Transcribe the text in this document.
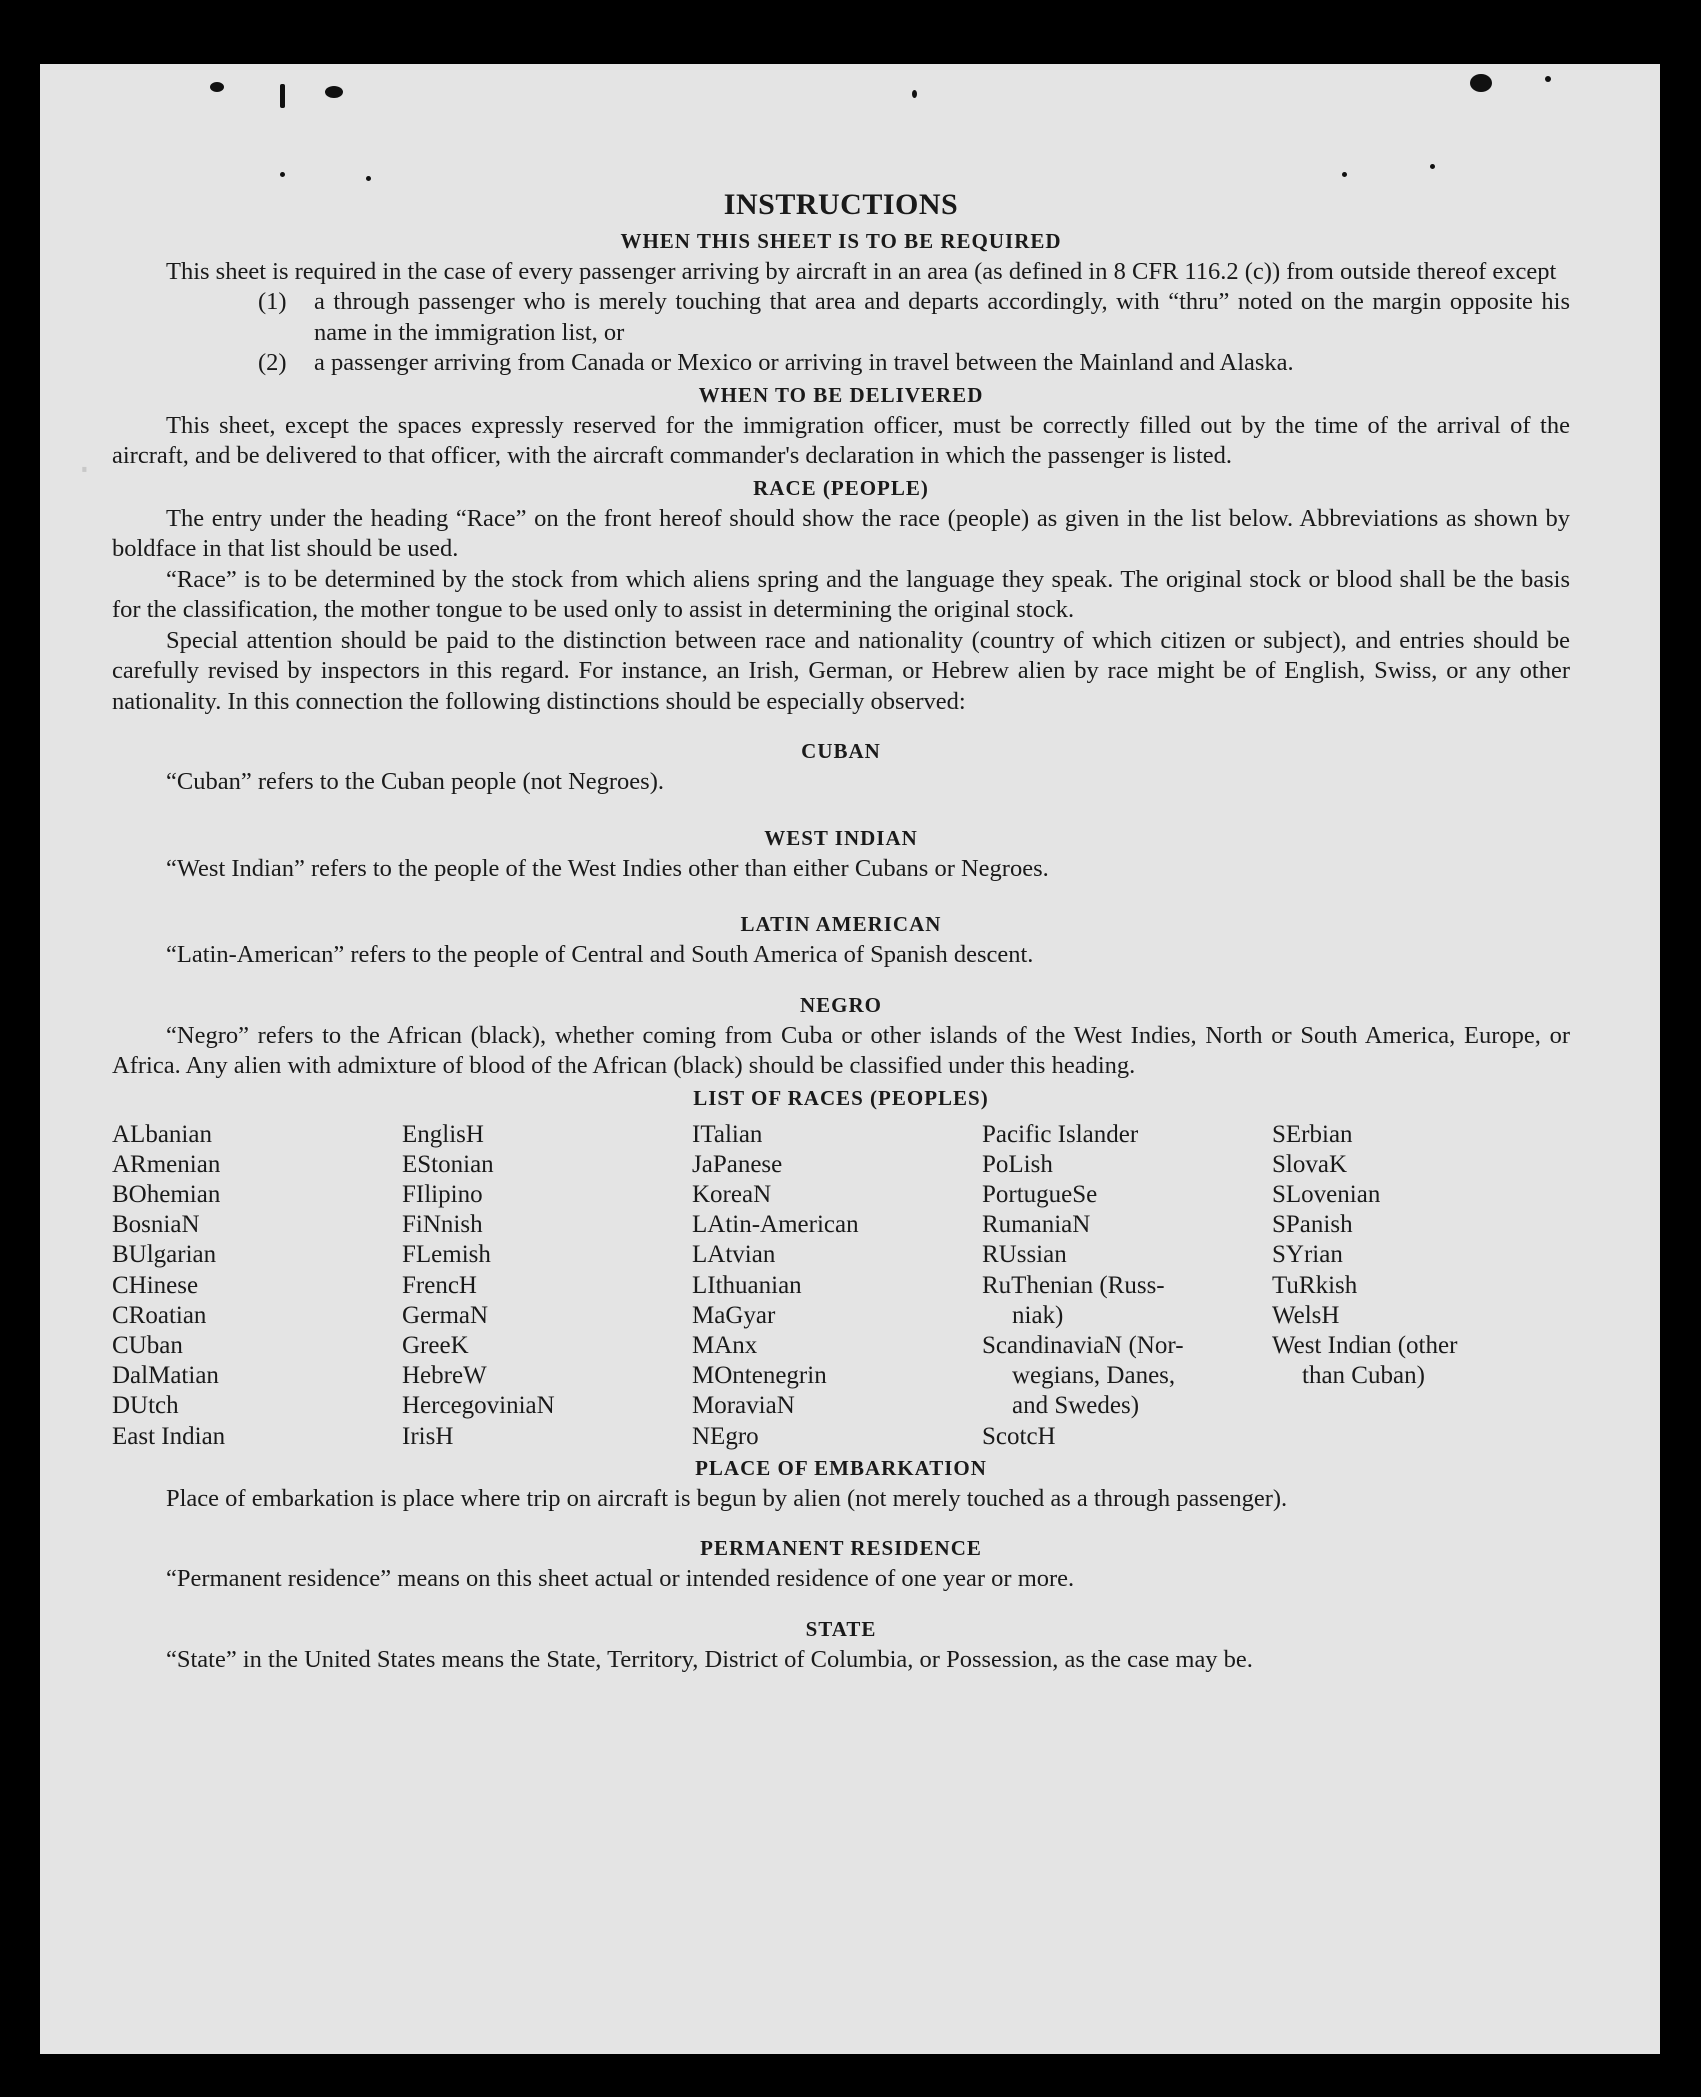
‧
INSTRUCTIONS
WHEN THIS SHEET IS TO BE REQUIRED

This sheet is required in the case of every passenger arriving by aircraft in an area (as defined in 8 CFR 116.2 (c)) from outside thereof except

(1) a through passenger who is merely touching that area and departs accordingly, with “thru” noted on the margin opposite his name in the immigration list, or
(2) a passenger arriving from Canada or Mexico or arriving in travel between the Mainland and Alaska.
WHEN TO BE DELIVERED

This sheet, except the spaces expressly reserved for the immigration officer, must be correctly filled out by the time of the arrival of the aircraft, and be delivered to that officer, with the aircraft commander's declaration in which the passenger is listed.

RACE (PEOPLE)

The entry under the heading “Race” on the front hereof should show the race (people) as given in the list below. Abbreviations as shown by boldface in that list should be used.

“Race” is to be determined by the stock from which aliens spring and the language they speak. The original stock or blood shall be the basis for the classification, the mother tongue to be used only to assist in determining the original stock.

Special attention should be paid to the distinction between race and nationality (country of which citizen or subject), and entries should be carefully revised by inspectors in this regard. For instance, an Irish, German, or Hebrew alien by race might be of English, Swiss, or any other nationality. In this connection the following distinctions should be especially observed:

CUBAN

“Cuban” refers to the Cuban people (not Negroes).

WEST INDIAN

“West Indian” refers to the people of the West Indies other than either Cubans or Negroes.

LATIN AMERICAN

“Latin-American” refers to the people of Central and South America of Spanish descent.

NEGRO

“Negro” refers to the African (black), whether coming from Cuba or other islands of the West Indies, North or South America, Europe, or Africa. Any alien with admixture of blood of the African (black) should be classified under this heading.

LIST OF RACES (PEOPLES)
ALbanian
ARmenian
BOhemian
BosniaN
BUlgarian
CHinese
CRoatian
CUban
DalMatian
DUtch
East Indian
EnglisH
EStonian
FIlipino
FiNnish
FLemish
FrencH
GermaN
GreeK
HebreW
HercegoviniaN
IrisH
ITalian
JaPanese
KoreaN
LAtin-American
LAtvian
LIthuanian
MaGyar
MAnx
MOntenegrin
MoraviaN
NEgro
Pacific Islander
PoLish
PortugueSe
RumaniaN
RUssian
RuThenian (Russ-
niak)
ScandinaviaN (Nor-
wegians, Danes,
and Swedes)
ScotcH
SErbian
SlovaK
SLovenian
SPanish
SYrian
TuRkish
WelsH
West Indian (other
than Cuban)
PLACE OF EMBARKATION

Place of embarkation is place where trip on aircraft is begun by alien (not merely touched as a through passenger).

PERMANENT RESIDENCE

“Permanent residence” means on this sheet actual or intended residence of one year or more.

STATE

“State” in the United States means the State, Territory, District of Columbia, or Possession, as the case may be.
